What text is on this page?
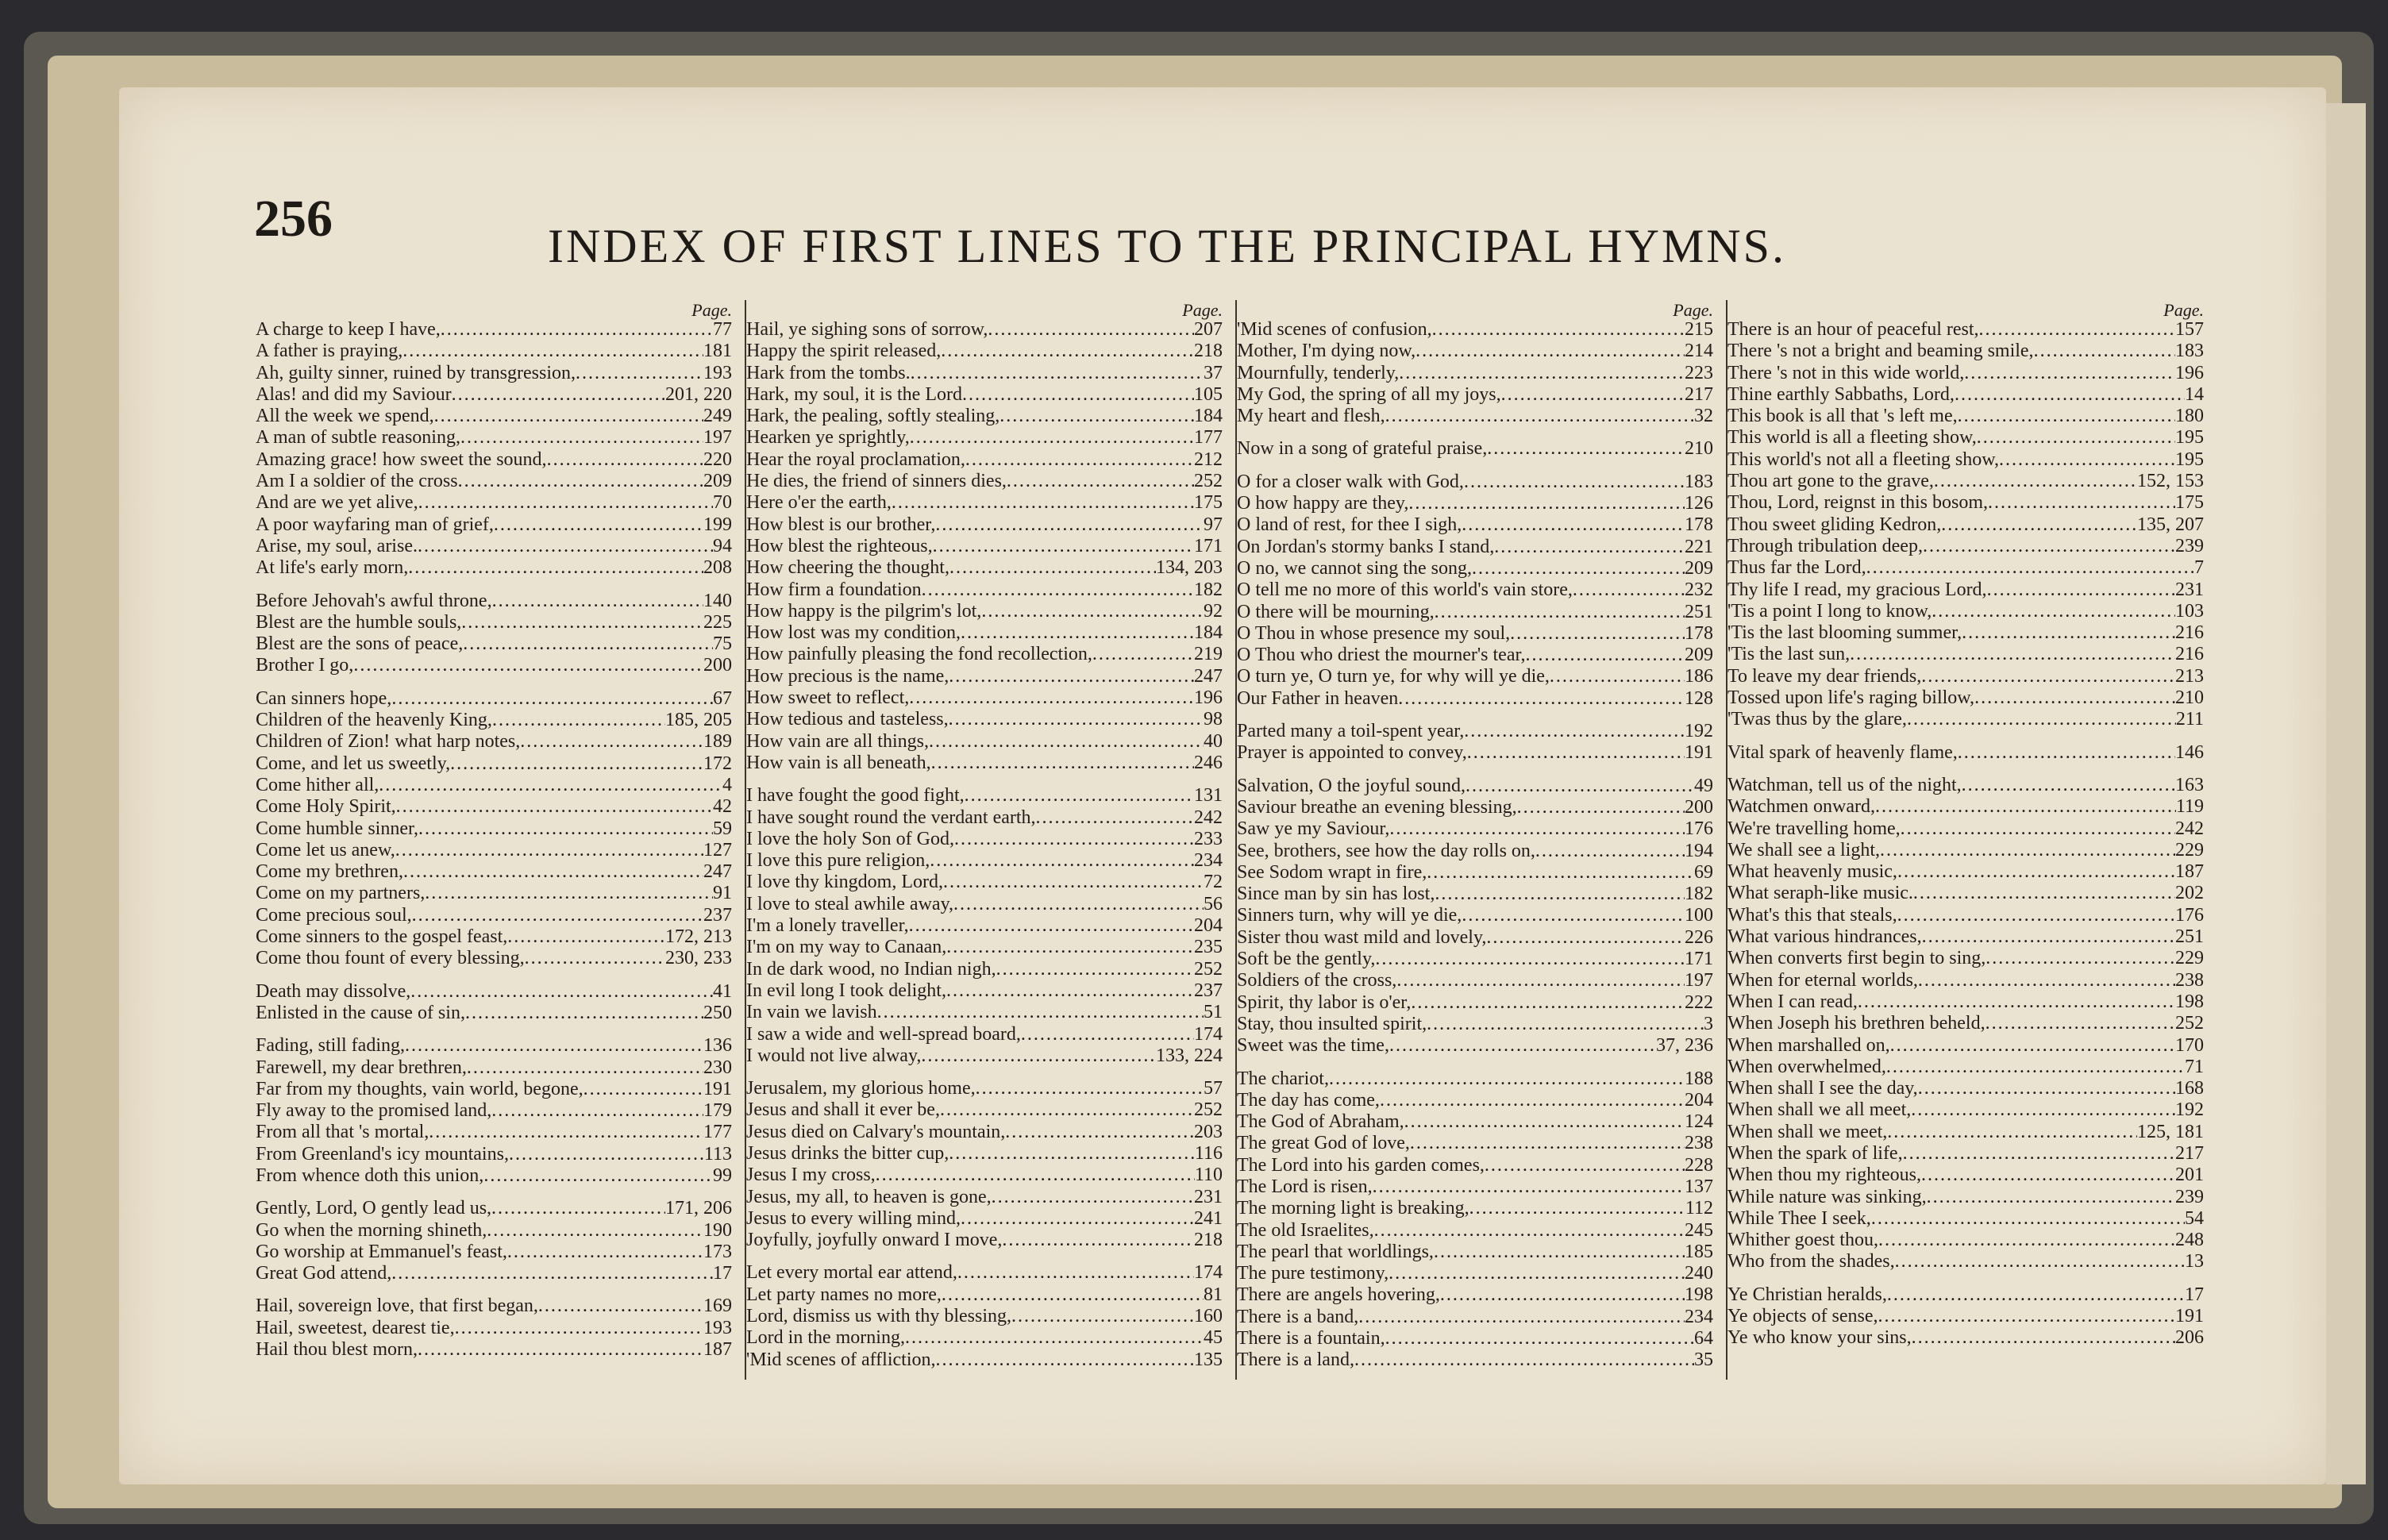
256	INDEX OF FIRST LINES TO THE PRINCIPAL HYMNS.
Page.
A charge to keep I have, .....	77
A father is praying, .....	181
Ah, guilty sinner, ruined by transgression, .....	193
Alas! and did my Saviour .....	201, 220
All the week we spend, .....	249
A man of subtle reasoning, .....	197
Amazing grace! how sweet the sound, .....	220
Am I a soldier of the cross .....	209
And are we yet alive, .....	70
A poor wayfaring man of grief, .....	199
Arise, my soul, arise. .....	94
At life's early morn, .....	208
Before Jehovah's awful throne, .....	140
Blest are the humble souls, .....	225
Blest are the sons of peace, .....	75
Brother I go, .....	200
Can sinners hope, .....	67
Children of the heavenly King, .....	185, 205
Children of Zion! what harp notes, .....	189
Come, and let us sweetly, .....	172
Come hither all, .....	4
Come Holy Spirit, .....	42
Come humble sinner, .....	59
Come let us anew, .....	127
Come my brethren, .....	247
Come on my partners, .....	91
Come precious soul, .....	237
Come sinners to the gospel feast, .....	172, 213
Come thou fount of every blessing, .....	230, 233
Death may dissolve, .....	41
Enlisted in the cause of sin, .....	250
Fading, still fading, .....	136
Farewell, my dear brethren, .....	230
Far from my thoughts, vain world, begone, .....	191
Fly away to the promised land, .....	179
From all that 's mortal, .....	177
From Greenland's icy mountains, .....	113
From whence doth this union, .....	99
Gently, Lord, O gently lead us, .....	171, 206
Go when the morning shineth, .....	190
Go worship at Emmanuel's feast, .....	173
Great God attend, .....	17
Hail, sovereign love, that first began, .....	169
Hail, sweetest, dearest tie, .....	193
Hail thou blest morn, .....	187
Page.
Hail, ye sighing sons of sorrow, .....	207
Happy the spirit released, .....	218
Hark from the tombs. .....	37
Hark, my soul, it is the Lord .....	105
Hark, the pealing, softly stealing, .....	184
Hearken ye sprightly, .....	177
Hear the royal proclamation, .....	212
He dies, the friend of sinners dies, .....	252
Here o'er the earth, .....	175
How blest is our brother, .....	97
How blest the righteous, .....	171
How cheering the thought, .....	134, 203
How firm a foundation .....	182
How happy is the pilgrim's lot, .....	92
How lost was my condition, .....	184
How painfully pleasing the fond recollection, .....	219
How precious is the name, .....	247
How sweet to reflect, .....	196
How tedious and tasteless, .....	98
How vain are all things, .....	40
How vain is all beneath, .....	246
I have fought the good fight, .....	131
I have sought round the verdant earth, .....	242
I love the holy Son of God, .....	233
I love this pure religion, .....	234
I love thy kingdom, Lord, .....	72
I love to steal awhile away, .....	56
I'm a lonely traveller, .....	204
I'm on my way to Canaan, .....	235
In de dark wood, no Indian nigh, .....	252
In evil long I took delight, .....	237
In vain we lavish .....	51
I saw a wide and well-spread board, .....	174
I would not live alway, .....	133, 224
Jerusalem, my glorious home, .....	57
Jesus and shall it ever be, .....	252
Jesus died on Calvary's mountain, .....	203
Jesus drinks the bitter cup, .....	116
Jesus I my cross, .....	110
Jesus, my all, to heaven is gone, .....	231
Jesus to every willing mind, .....	241
Joyfully, joyfully onward I move, .....	218
Let every mortal ear attend, .....	174
Let party names no more, .....	81
Lord, dismiss us with thy blessing, .....	160
Lord in the morning, .....	45
'Mid scenes of affliction, .....	135
Page.
'Mid scenes of confusion, .....	215
Mother, I'm dying now, .....	214
Mournfully, tenderly, .....	223
My God, the spring of all my joys, .....	217
My heart and flesh, .....	32
Now in a song of grateful praise, .....	210
O for a closer walk with God, .....	183
O how happy are they, .....	126
O land of rest, for thee I sigh, .....	178
On Jordan's stormy banks I stand, .....	221
O no, we cannot sing the song, .....	209
O tell me no more of this world's vain store, .....	232
O there will be mourning, .....	251
O Thou in whose presence my soul, .....	178
O Thou who driest the mourner's tear, .....	209
O turn ye, O turn ye, for why will ye die, .....	186
Our Father in heaven .....	128
Parted many a toil-spent year, .....	192
Prayer is appointed to convey, .....	191
Salvation, O the joyful sound, .....	49
Saviour breathe an evening blessing, .....	200
Saw ye my Saviour, .....	176
See, brothers, see how the day rolls on, .....	194
See Sodom wrapt in fire, .....	69
Since man by sin has lost, .....	182
Sinners turn, why will ye die, .....	100
Sister thou wast mild and lovely, .....	226
Soft be the gently, .....	171
Soldiers of the cross, .....	197
Spirit, thy labor is o'er, .....	222
Stay, thou insulted spirit, .....	3
Sweet was the time, .....	37, 236
The chariot, .....	188
The day has come, .....	204
The God of Abraham, .....	124
The great God of love, .....	238
The Lord into his garden comes, .....	228
The Lord is risen, .....	137
The morning light is breaking, .....	112
The old Israelites, .....	245
The pearl that worldlings, .....	185
The pure testimony, .....	240
There are angels hovering, .....	198
There is a band, .....	234
There is a fountain, .....	64
There is a land, .....	35
Page.
There is an hour of peaceful rest, .....	157
There 's not a bright and beaming smile, .....	183
There 's not in this wide world, .....	196
Thine earthly Sabbaths, Lord, .....	14
This book is all that 's left me, .....	180
This world is all a fleeting show, .....	195
This world's not all a fleeting show, .....	195
Thou art gone to the grave, .....	152, 153
Thou, Lord, reignst in this bosom, .....	175
Thou sweet gliding Kedron, .....	135, 207
Through tribulation deep, .....	239
Thus far the Lord, .....	7
Thy life I read, my gracious Lord, .....	231
'Tis a point I long to know, .....	103
'Tis the last blooming summer, .....	216
'Tis the last sun, .....	216
To leave my dear friends, .....	213
Tossed upon life's raging billow, .....	210
'Twas thus by the glare, .....	211
Vital spark of heavenly flame, .....	146
Watchman, tell us of the night, .....	163
Watchmen onward, .....	119
We're travelling home, .....	242
We shall see a light, .....	229
What heavenly music, .....	187
What seraph-like music. .....	202
What's this that steals, .....	176
What various hindrances, .....	251
When converts first begin to sing, .....	229
When for eternal worlds, .....	238
When I can read, .....	198
When Joseph his brethren beheld, .....	252
When marshalled on, .....	170
When overwhelmed, .....	71
When shall I see the day, .....	168
When shall we all meet, .....	192
When shall we meet, .....	125, 181
When the spark of life, .....	217
When thou my righteous, .....	201
While nature was sinking, .....	239
While Thee I seek, .....	54
Whither goest thou, .....	248
Who from the shades, .....	13
Ye Christian heralds, .....	17
Ye objects of sense, .....	191
Ye who know your sins, .....	206
